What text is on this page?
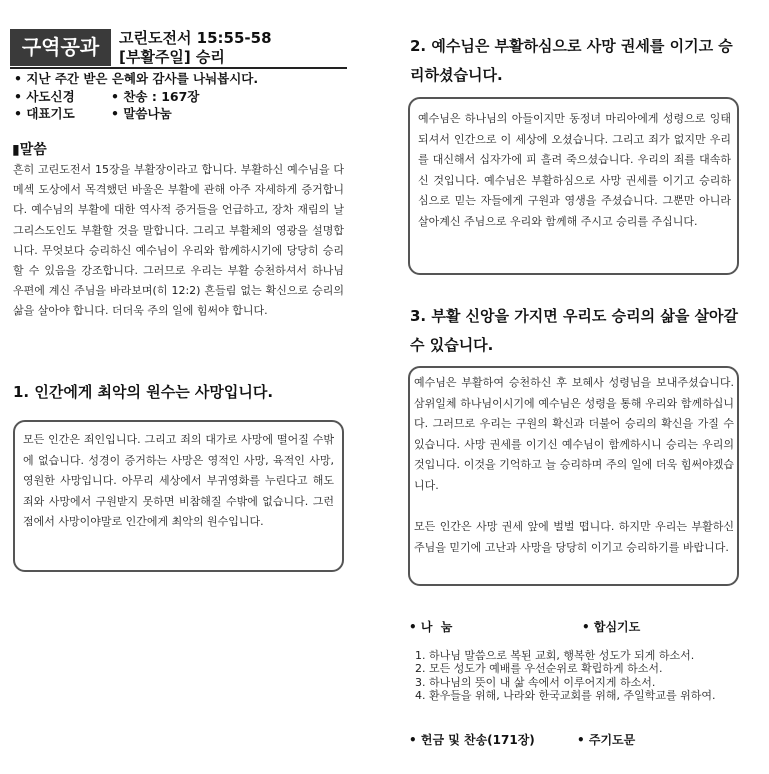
구역공과	고린도전서 15:55-58
[부활주일] 승리
• 지난 주간 받은 은혜와 감사를 나눠봅시다.
• 사도신경	• 찬송 : 167장
• 대표기도	• 말씀나눔
▮말씀
흔히 고린도전서 15장을 부활장이라고 합니다. 부활하신 예수님을 다메섹 도상에서 목격했던 바울은 부활에 관해 아주 자세하게 증거합니다. 예수님의 부활에 대한 역사적 증거들을 언급하고, 장차 재림의 날 그리스도인도 부활할 것을 말합니다. 그리고 부활체의 영광을 설명합니다. 무엇보다 승리하신 예수님이 우리와 함께하시기에 당당히 승리할 수 있음을 강조합니다. 그러므로 우리는 부활 승천하셔서 하나님 우편에 계신 주님을 바라보며(히 12:2) 흔들림 없는 확신으로 승리의 삶을 살아야 합니다. 더더욱 주의 일에 힘써야 합니다.
1. 인간에게 최악의 원수는 사망입니다.
모든 인간은 죄인입니다. 그리고 죄의 대가로 사망에 떨어질 수밖에 없습니다. 성경이 증거하는 사망은 영적인 사망, 육적인 사망, 영원한 사망입니다. 아무리 세상에서 부귀영화를 누린다고 해도 죄와 사망에서 구원받지 못하면 비참해질 수밖에 없습니다. 그런 점에서 사망이야말로 인간에게 최악의 원수입니다.
2. 예수님은 부활하심으로 사망 권세를 이기고 승리하셨습니다.
예수님은 하나님의 아들이지만 동정녀 마리아에게 성령으로 잉태되셔서 인간으로 이 세상에 오셨습니다. 그리고 죄가 없지만 우리를 대신해서 십자가에 피 흘려 죽으셨습니다. 우리의 죄를 대속하신 것입니다. 예수님은 부활하심으로 사망 권세를 이기고 승리하심으로 믿는 자들에게 구원과 영생을 주셨습니다. 그뿐만 아니라 살아계신 주님으로 우리와 함께해 주시고 승리를 주십니다.
3. 부활 신앙을 가지면 우리도 승리의 삶을 살아갈 수 있습니다.
예수님은 부활하여 승천하신 후 보혜사 성령님을 보내주셨습니다. 삼위일체 하나님이시기에 예수님은 성령을 통해 우리와 함께하십니다. 그러므로 우리는 구원의 확신과 더불어 승리의 확신을 가질 수 있습니다. 사망 권세를 이기신 예수님이 함께하시니 승리는 우리의 것입니다. 이것을 기억하고 늘 승리하며 주의 일에 더욱 힘써야겠습니다.
모든 인간은 사망 권세 앞에 벌벌 떱니다. 하지만 우리는 부활하신 주님을 믿기에 고난과 사망을 당당히 이기고 승리하기를 바랍니다.
• 나  눔	• 합심기도
1. 하나님 말씀으로 복된 교회, 행복한 성도가 되게 하소서.
2. 모든 성도가 예배를 우선순위로 확립하게 하소서.
3. 하나님의 뜻이 내 삶 속에서 이루어지게 하소서.
4. 환우들을 위해, 나라와 한국교회를 위해, 주일학교를 위하여.
• 헌금 및 찬송(171장)	• 주기도문
